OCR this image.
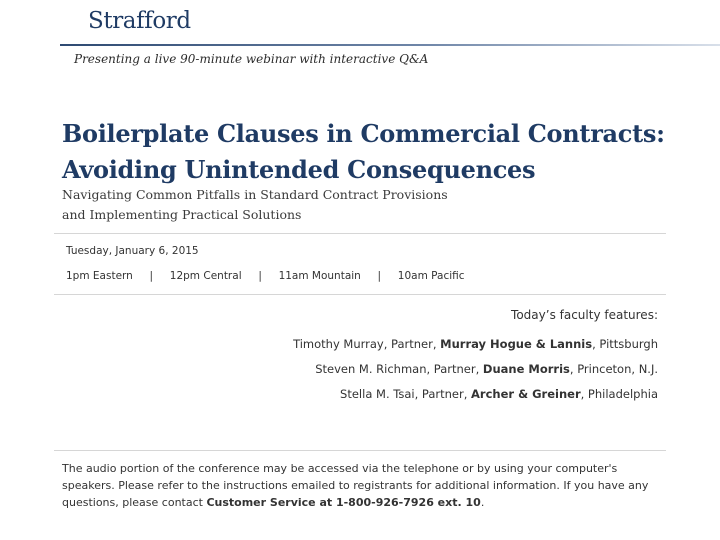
Strafford
Presenting a live 90-minute webinar with interactive Q&A
Boilerplate Clauses in Commercial Contracts:
Avoiding Unintended Consequences
Navigating Common Pitfalls in Standard Contract Provisions
and Implementing Practical Solutions
Tuesday, January 6, 2015
1pm Eastern | 12pm Central | 11am Mountain | 10am Pacific
Today’s faculty features:
Timothy Murray, Partner, Murray Hogue & Lannis, Pittsburgh
Steven M. Richman, Partner, Duane Morris, Princeton, N.J.
Stella M. Tsai, Partner, Archer & Greiner, Philadelphia
The audio portion of the conference may be accessed via the telephone or by using your computer's speakers. Please refer to the instructions emailed to registrants for additional information. If you have any questions, please contact Customer Service at 1-800-926-7926 ext. 10.
